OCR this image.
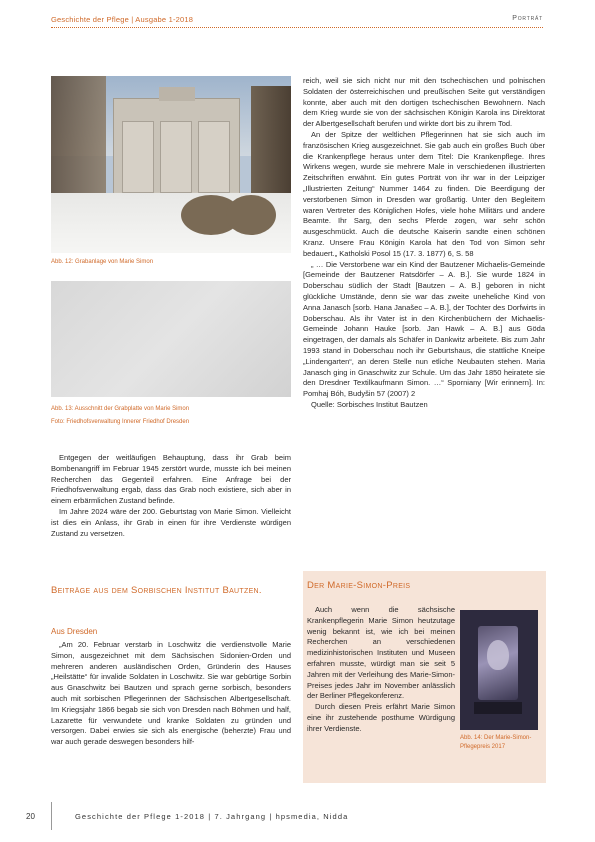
Geschichte der Pflege | Ausgabe 1-2018	Porträt
Abb. 12: Grabanlage von Marie Simon
Abb. 13: Ausschnitt der Grabplatte von Marie Simon
Foto: Friedhofsverwaltung Innerer Friedhof Dresden

Entgegen der weitläufigen Behauptung, dass ihr Grab beim Bombenangriff im Februar 1945 zerstört wurde, musste ich bei meinen Recherchen das Gegenteil erfahren. Eine Anfrage bei der Friedhofsverwaltung ergab, dass das Grab noch existiere, sich aber in einem erbärmlichen Zustand befinde.

Im Jahre 2024 wäre der 200. Geburtstag von Marie Simon. Vielleicht ist dies ein Anlass, ihr Grab in einen für ihre Verdienste würdigen Zustand zu versetzen.

Beiträge aus dem Sorbischen Institut Bautzen.
Aus Dresden

„Am 20. Februar verstarb in Loschwitz die verdienstvolle Marie Simon, ausgezeichnet mit dem Sächsischen Sidonien-Orden und mehreren anderen ausländischen Orden, Gründerin des Hauses „Heilstätte“ für invalide Soldaten in Loschwitz. Sie war gebürtige Sorbin aus Gnaschwitz bei Bautzen und sprach gerne sorbisch, besonders auch mit sorbischen Pflegerinnen der Sächsischen Albertgesellschaft. Im Kriegsjahr 1866 begab sie sich von Dresden nach Böhmen und half, Lazarette für verwundete und kranke Soldaten zu gründen und versorgen. Dabei erwies sie sich als energische (beherzte) Frau und war auch gerade deswegen besonders hilf-

reich, weil sie sich nicht nur mit den tschechischen und polnischen Soldaten der österreichischen und preußischen Seite gut verständigen konnte, aber auch mit den dortigen tschechischen Bewohnern. Nach dem Krieg wurde sie von der sächsischen Königin Karola ins Direktorat der Albertgesellschaft berufen und wirkte dort bis zu ihrem Tod.

An der Spitze der weltlichen Pflegerinnen hat sie sich auch im französischen Krieg ausgezeichnet. Sie gab auch ein großes Buch über die Krankenpflege heraus unter dem Titel: Die Krankenpflege. Ihres Wirkens wegen, wurde sie mehrere Male in verschiedenen illustrierten Zeitschriften erwähnt. Ein gutes Porträt von ihr war in der Leipziger „Illustrierten Zeitung“ Nummer 1464 zu finden. Die Beerdigung der verstorbenen Simon in Dresden war großartig. Unter den Begleitern waren Vertreter des Königlichen Hofes, viele hohe Militärs und andere Beamte. Ihr Sarg, den sechs Pferde zogen, war sehr schön ausgeschmückt. Auch die deutsche Kaiserin sandte einen schönen Kranz. Unsere Frau Königin Karola hat den Tod von Simon sehr bedauert.„ Katholski Posol 15 (17. 3. 1877) 6, S. 58

„ … Die Verstorbene war ein Kind der Bautzener Michaelis-Gemeinde [Gemeinde der Bautzener Ratsdörfer – A. B.]. Sie wurde 1824 in Doberschau südlich der Stadt [Bautzen – A. B.] geboren in nicht glückliche Umstände, denn sie war das zweite uneheliche Kind von Anna Janasch [sorb. Hana Janašec – A. B.], der Tochter des Dorfwirts in Doberschau. Als ihr Vater ist in den Kirchenbüchern der Michaelis-Gemeinde Johann Hauke [sorb. Jan Hawk – A. B.] aus Göda eingetragen, der damals als Schäfer in Dankwitz arbeitete. Bis zum Jahr 1993 stand in Doberschau noch ihr Geburtshaus, die stattliche Kneipe „Lindengarten“, an deren Stelle nun etliche Neubauten stehen. Maria Janasch ging in Gnaschwitz zur Schule. Um das Jahr 1850 heiratete sie den Dresdner Textilkaufmann Simon. …“ Sporniany [Wir erinnern]. In: Pomhaj Bóh, Budyšin 57 (2007) 2

Quelle: Sorbisches Institut Bautzen

Der Marie-Simon-Preis

Auch wenn die sächsische Krankenpflegerin Marie Simon heutzutage wenig bekannt ist, wie ich bei meinen Recherchen an verschiedenen medizinhistorischen Instituten und Museen erfahren musste, würdigt man sie seit 5 Jahren mit der Verleihung des Marie-Simon-Preises jedes Jahr im November anlässlich der Berliner Pflegekonferenz.

Durch diesen Preis erfährt Marie Simon eine ihr zustehende posthume Würdigung ihrer Verdienste.

Abb. 14: Der Marie-Simon-Pflegepreis 2017
20	Geschichte der Pflege 1-2018 | 7. Jahrgang | hpsmedia, Nidda
